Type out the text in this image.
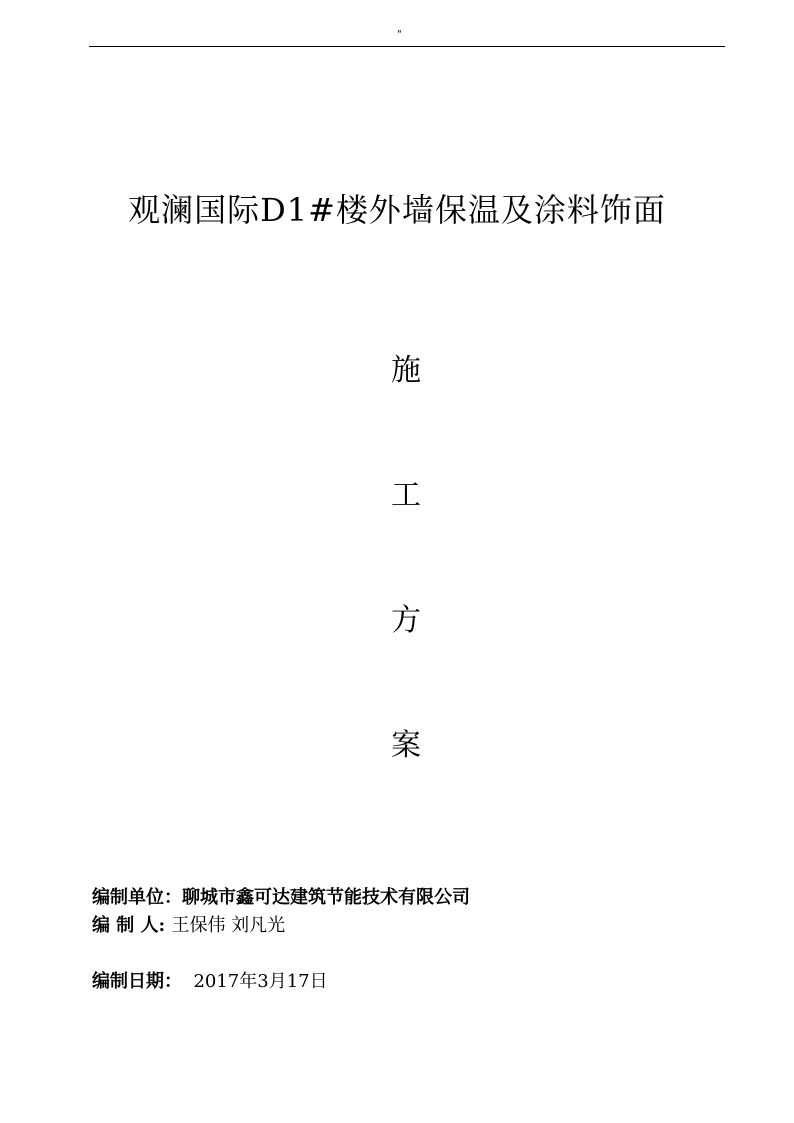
"
观澜国际D1#楼外墙保温及涂料饰面
施
工
方
案
编制单位：聊城市鑫可达建筑节能技术有限公司
编 制 人: 王保伟 刘凡光
编制日期：  2017年3月17日
